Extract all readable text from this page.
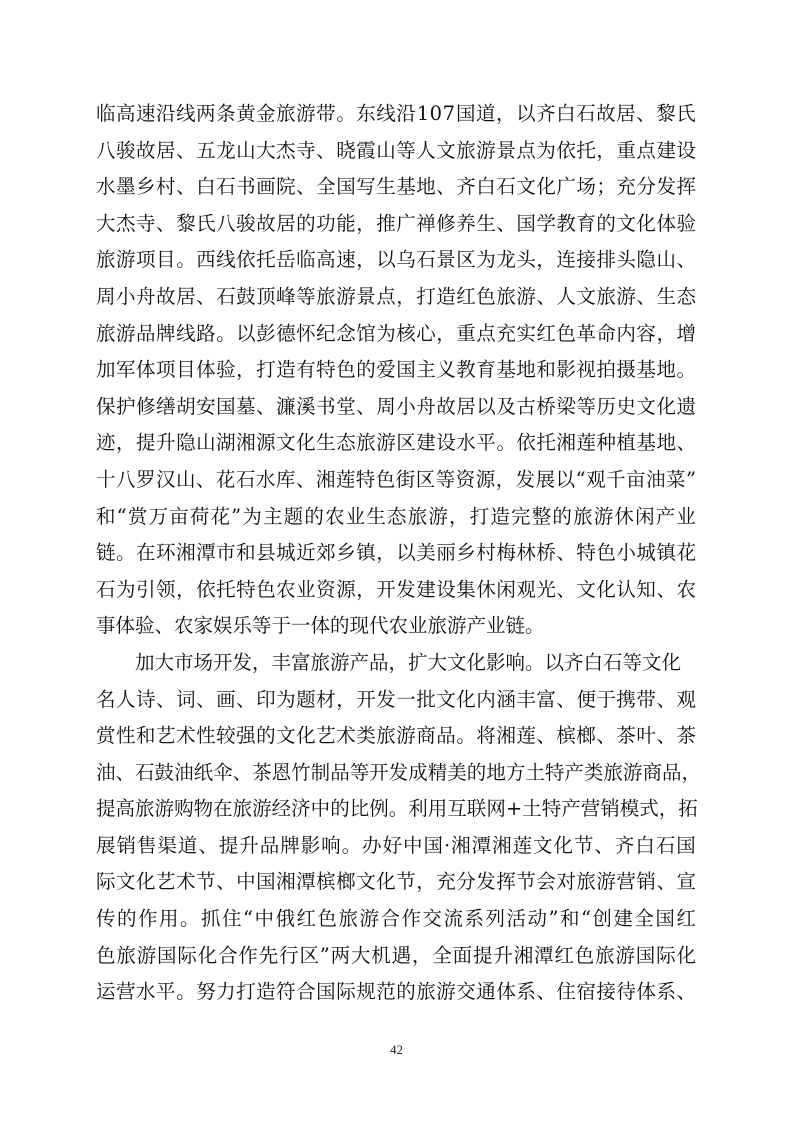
临 高 速 沿 线 两 条 黄 金 旅 游 带 。 东 线 沿 1 0 7 国 道 ， 以 齐 白 石 故 居 、 黎 氏
八 骏 故 居 、 五 龙 山 大 杰 寺 、 晓 霞 山 等 人 文 旅 游 景 点 为 依 托 ， 重 点 建 设
水 墨 乡 村 、 白 石 书 画 院 、 全 国 写 生 基 地 、 齐 白 石 文 化 广 场 ； 充 分 发 挥
大 杰 寺 、 黎 氏 八 骏 故 居 的 功 能 ， 推 广 禅 修 养 生 、 国 学 教 育 的 文 化 体 验
旅 游 项 目 。 西 线 依 托 岳 临 高 速 ， 以 乌 石 景 区 为 龙 头 ， 连 接 排 头 隐 山 、
周 小 舟 故 居 、 石 鼓 顶 峰 等 旅 游 景 点 ， 打 造 红 色 旅 游 、 人 文 旅 游 、 生 态
旅 游 品 牌 线 路 。 以 彭 德 怀 纪 念 馆 为 核 心 ， 重 点 充 实 红 色 革 命 内 容 ， 增
加 军 体 项 目 体 验 ， 打 造 有 特 色 的 爱 国 主 义 教 育 基 地 和 影 视 拍 摄 基 地 。
保 护 修 缮 胡 安 国 墓 、 濂 溪 书 堂 、 周 小 舟 故 居 以 及 古 桥 梁 等 历 史 文 化 遗
迹 ， 提 升 隐 山 湖 湘 源 文 化 生 态 旅 游 区 建 设 水 平 。 依 托 湘 莲 种 植 基 地 、
十 八 罗 汉 山 、 花 石 水 库 、 湘 莲 特 色 街 区 等 资 源 ， 发 展 以 “ 观 千 亩 油 菜 ”
和 “ 赏 万 亩 荷 花 ” 为 主 题 的 农 业 生 态 旅 游 ， 打 造 完 整 的 旅 游 休 闲 产 业
链 。 在 环 湘 潭 市 和 县 城 近 郊 乡 镇 ， 以 美 丽 乡 村 梅 林 桥 、 特 色 小 城 镇 花
石 为 引 领 ， 依 托 特 色 农 业 资 源 ， 开 发 建 设 集 休 闲 观 光 、 文 化 认 知 、 农
事体验、农家娱乐等于一体的现代农业旅游产业链。
加大市场开发，丰富旅游产品，扩大文化影响。以齐白石等文化
名 人 诗 、 词 、 画 、 印 为 题 材 ， 开 发 一 批 文 化 内 涵 丰 富 、 便 于 携 带 、 观
赏 性 和 艺 术 性 较 强 的 文 化 艺 术 类 旅 游 商 品 。 将 湘 莲 、 槟 榔 、 茶 叶 、 茶
油 、 石 鼓 油 纸 伞 、 茶 恩 竹 制 品 等 开 发 成 精 美 的 地 方 土 特 产 类 旅 游 商 品 ，
提 高 旅 游 购 物 在 旅 游 经 济 中 的 比 例 。 利 用 互 联 网 + 土 特 产 营 销 模 式 ， 拓
展 销 售 渠 道 、 提 升 品 牌 影 响 。 办 好 中 国 · 湘 潭 湘 莲 文 化 节 、 齐 白 石 国
际 文 化 艺 术 节 、 中 国 湘 潭 槟 榔 文 化 节 ， 充 分 发 挥 节 会 对 旅 游 营 销 、 宣
传 的 作 用 。 抓 住 “ 中 俄 红 色 旅 游 合 作 交 流 系 列 活 动 ” 和 “ 创 建 全 国 红
色 旅 游 国 际 化 合 作 先 行 区 ” 两 大 机 遇 ， 全 面 提 升 湘 潭 红 色 旅 游 国 际 化
运 营 水 平 。 努 力 打 造 符 合 国 际 规 范 的 旅 游 交 通 体 系 、 住 宿 接 待 体 系 、
42
